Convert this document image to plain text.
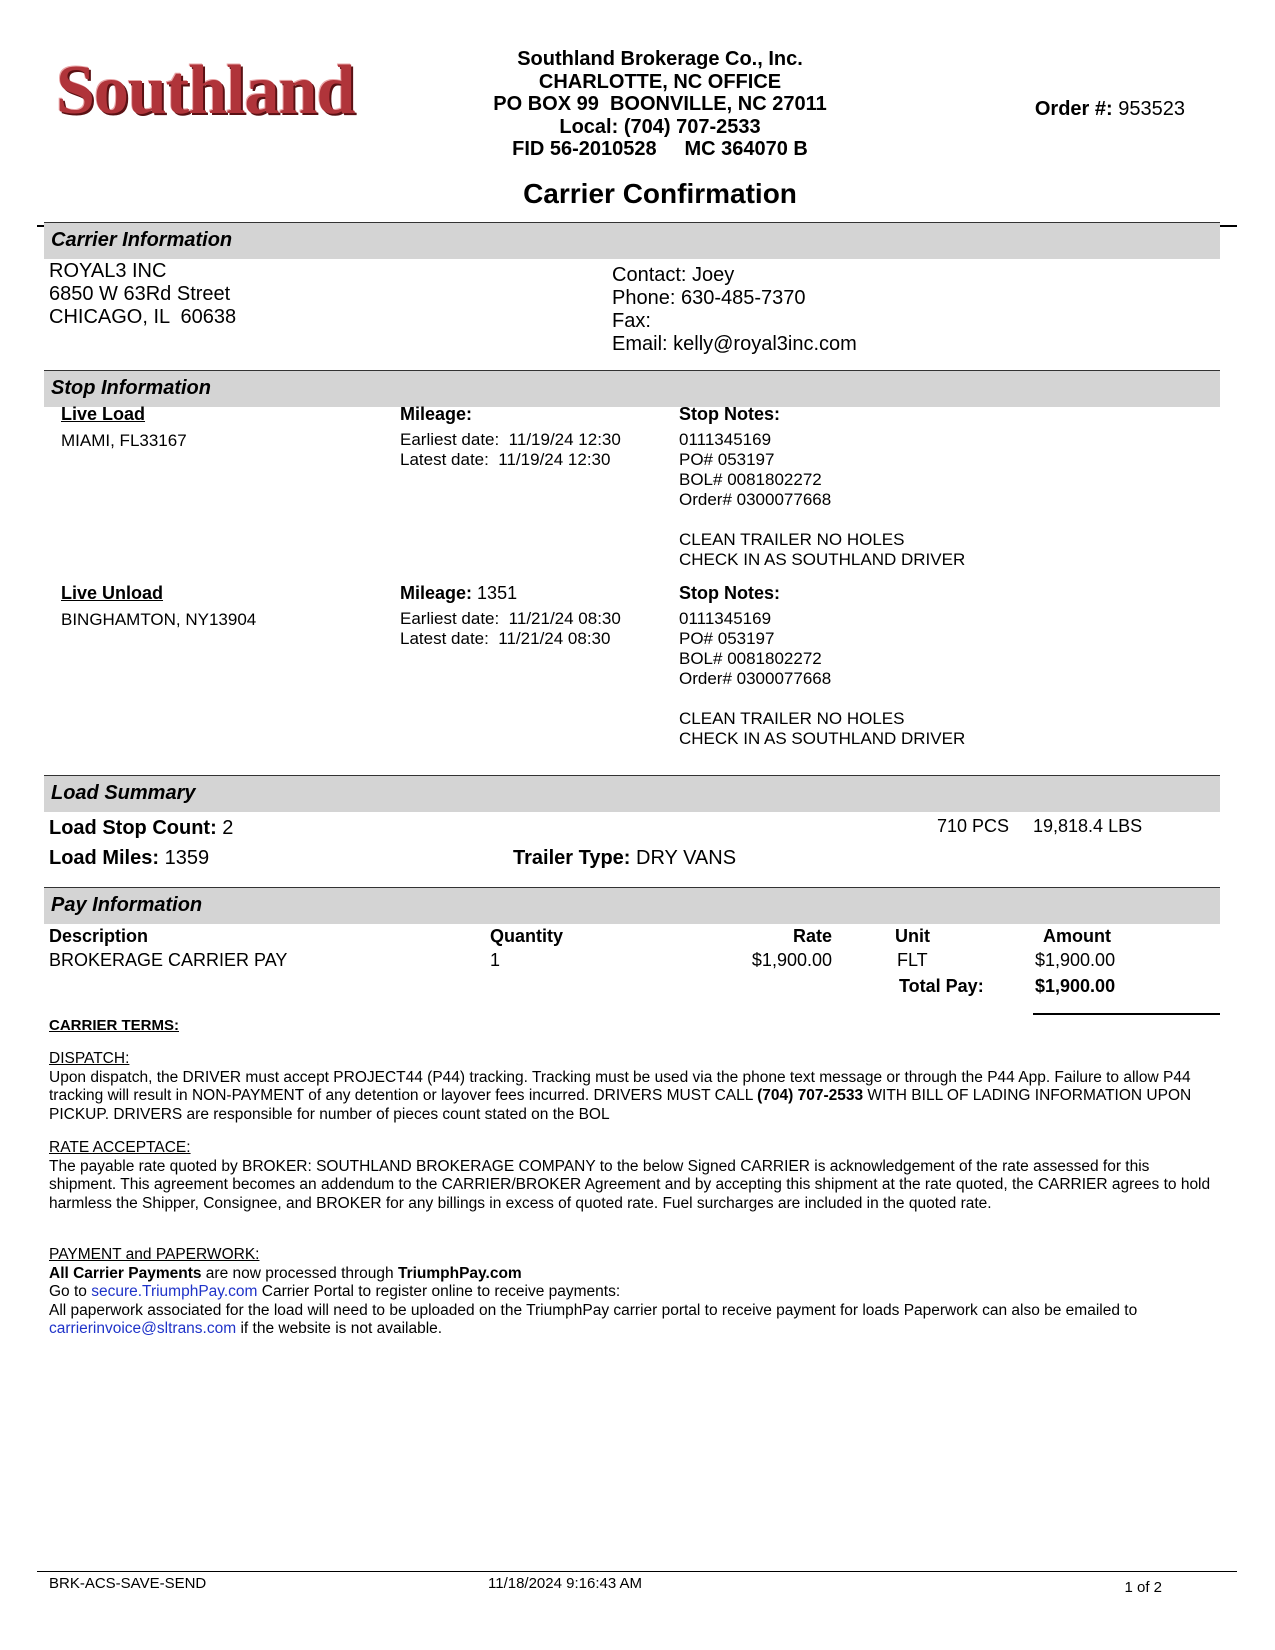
Southland	Southland Brokerage Co., Inc.
CHARLOTTE, NC OFFICE
PO BOX 99  BOONVILLE, NC 27011
Local: (704) 707-2533
FID 56-2010528     MC 364070 B
Order #: 953523
Carrier Confirmation
Carrier Information
ROYAL3 INC
6850 W 63Rd Street
CHICAGO, IL  60638
Contact: Joey
Phone: 630-485-7370
Fax:
Email: kelly@royal3inc.com
Stop Information
Live Load
MIAMI, FL33167
Mileage:
Earliest date:  11/19/24 12:30
Latest date:  11/19/24 12:30
Stop Notes:
0111345169
PO# 053197
BOL# 0081802272
Order# 0300077668
CLEAN TRAILER NO HOLES
CHECK IN AS SOUTHLAND DRIVER
Live Unload
BINGHAMTON, NY13904
Mileage: 1351
Earliest date:  11/21/24 08:30
Latest date:  11/21/24 08:30
Stop Notes:
0111345169
PO# 053197
BOL# 0081802272
Order# 0300077668
CLEAN TRAILER NO HOLES
CHECK IN AS SOUTHLAND DRIVER
Load Summary
Load Stop Count: 2
Load Miles: 1359	Trailer Type: DRY VANS
710 PCS 19,818.4 LBS
Pay Information
Description	Quantity	Rate	Unit	Amount
BROKERAGE CARRIER PAY	1	$1,900.00	FLT	$1,900.00
Total Pay:	$1,900.00
CARRIER TERMS:
DISPATCH:
Upon dispatch, the DRIVER must accept PROJECT44 (P44) tracking. Tracking must be used via the phone text message or through the P44 App. Failure to allow P44 tracking will result in NON-PAYMENT of any detention or layover fees incurred. DRIVERS MUST CALL (704) 707-2533 WITH BILL OF LADING INFORMATION UPON PICKUP. DRIVERS are responsible for number of pieces count stated on the BOL
RATE ACCEPTACE:
The payable rate quoted by BROKER: SOUTHLAND BROKERAGE COMPANY to the below Signed CARRIER is acknowledgement of the rate assessed for this shipment. This agreement becomes an addendum to the CARRIER/BROKER Agreement and by accepting this shipment at the rate quoted, the CARRIER agrees to hold harmless the Shipper, Consignee, and BROKER for any billings in excess of quoted rate. Fuel surcharges are included in the quoted rate.
PAYMENT and PAPERWORK:
All Carrier Payments are now processed through TriumphPay.com
Go to secure.TriumphPay.com Carrier Portal to register online to receive payments:
All paperwork associated for the load will need to be uploaded on the TriumphPay carrier portal to receive payment for loads Paperwork can also be emailed to carrierinvoice@sltrans.com if the website is not available.
BRK-ACS-SAVE-SEND	11/18/2024 9:16:43 AM	1 of 2
